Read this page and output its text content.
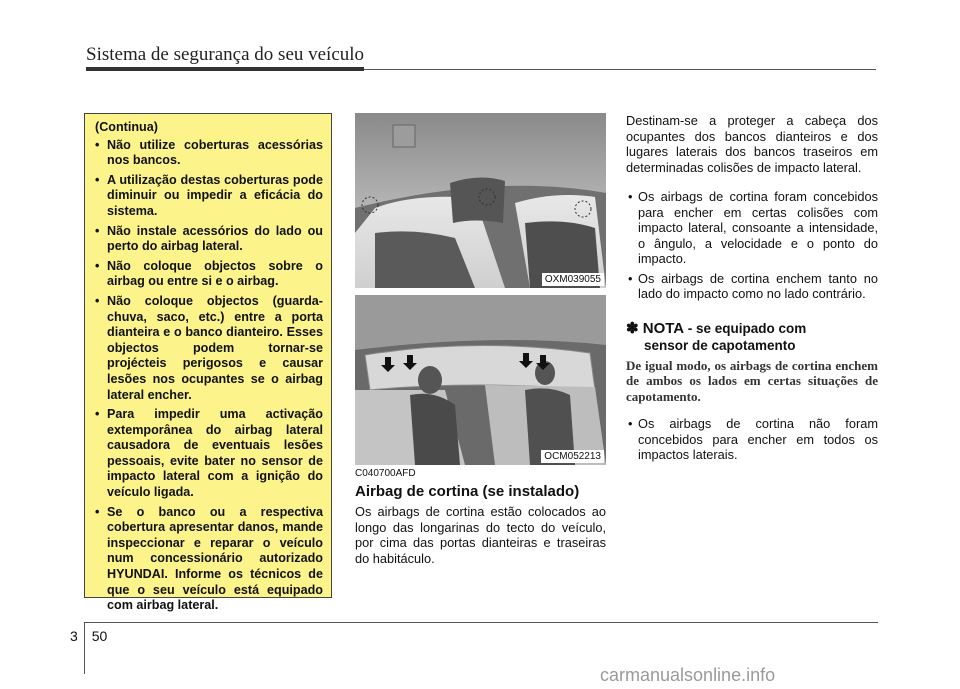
Sistema de segurança do seu veículo
(Continua)
• Não utilize coberturas acessórias nos bancos.
• A utilização destas coberturas pode diminuir ou impedir a eficácia do sistema.
• Não instale acessórios do lado ou perto do airbag lateral.
• Não coloque objectos sobre o airbag ou entre si e o airbag.
• Não coloque objectos (guarda-chuva, saco, etc.) entre a porta dianteira e o banco dianteiro. Esses objectos podem tornar-se projécteis perigosos e causar lesões nos ocupantes se o airbag lateral encher.
• Para impedir uma activação extemporânea do airbag lateral causadora de eventuais lesões pessoais, evite bater no sensor de impacto lateral com a ignição do veículo ligada.
• Se o banco ou a respectiva cobertura apresentar danos, mande inspeccionar e reparar o veículo num concessionário autorizado HYUNDAI. Informe os técnicos de que o seu veículo está equipado com airbag lateral.
OXM039055
OCM052213
C040700AFD
Airbag de cortina (se instalado)
Os airbags de cortina estão colocados ao longo das longarinas do tecto do veículo, por cima das portas dianteiras e traseiras do habitáculo.

Destinam-se a proteger a cabeça dos ocupantes dos bancos dianteiros e dos lugares laterais dos bancos traseiros em determinadas colisões de impacto lateral.

• Os airbags de cortina foram concebidos para encher em certas colisões com impacto lateral, consoante a intensidade, o ângulo, a velocidade e o ponto do impacto.
• Os airbags de cortina enchem tanto no lado do impacto como no lado contrário.
✽ NOTA - se equipado com
sensor de capotamento

De igual modo, os airbags de cortina enchem de ambos os lados em certas situações de capotamento.

• Os airbags de cortina não foram concebidos para encher em todos os impactos laterais.
3 50
carmanualsonline.info
